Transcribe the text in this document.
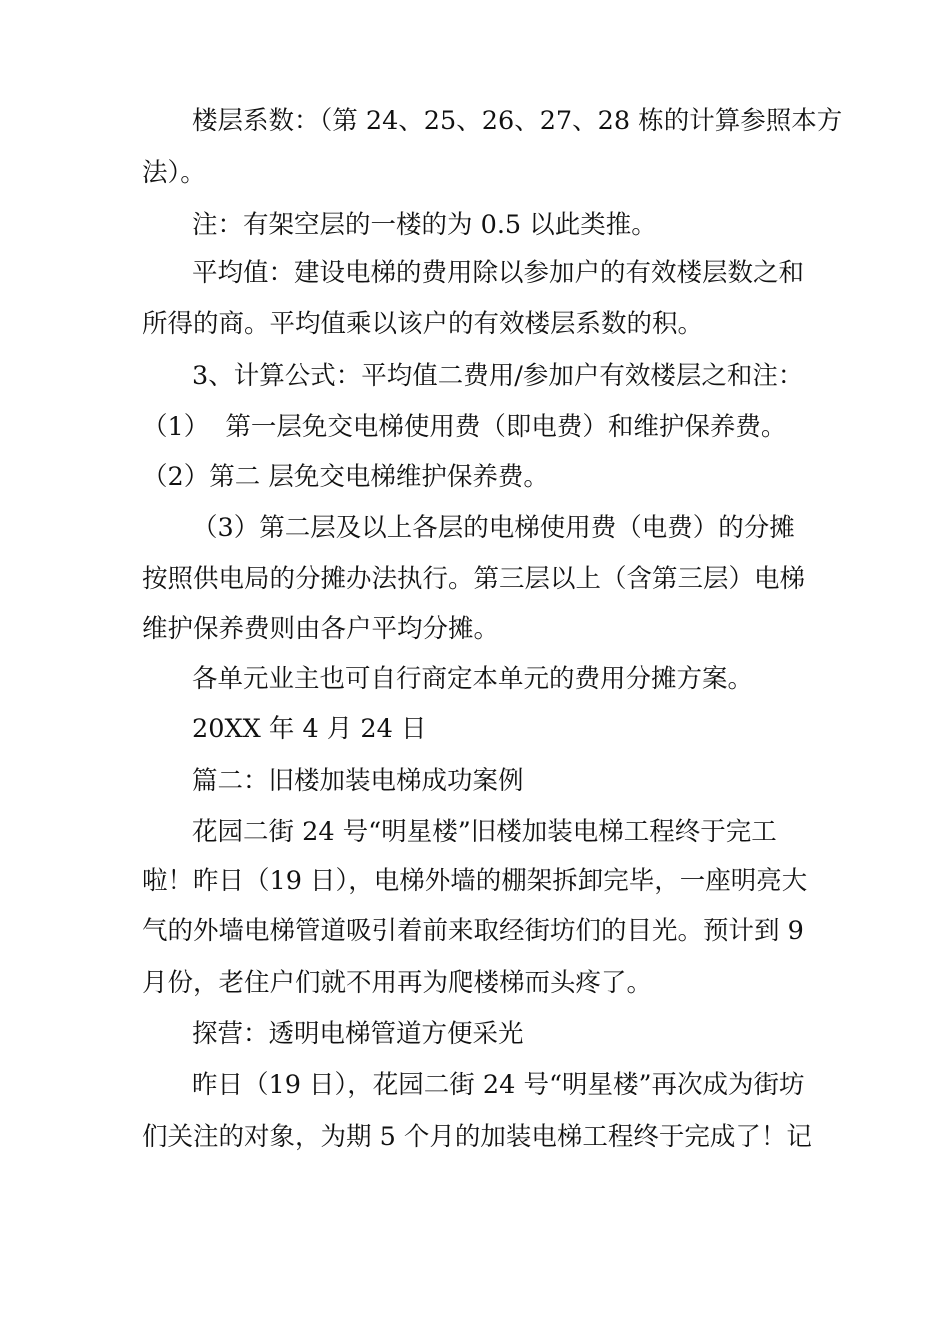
楼层系数：（第 24、25、26、27、28 栋的计算参照本方

法）。

注：有架空层的一楼的为 0.5 以此类推。

平均值：建设电梯的费用除以参加户的有效楼层数之和

所得的商。平均值乘以该户的有效楼层系数的积。

3、计算公式：平均值二费用/参加户有效楼层之和注：

（1）  第一层免交电梯使用费（即电费）和维护保养费。

（2）第二 层免交电梯维护保养费。

（3）第二层及以上各层的电梯使用费（电费）的分摊

按照供电局的分摊办法执行。第三层以上（含第三层）电梯

维护保养费则由各户平均分摊。

各单元业主也可自行商定本单元的费用分摊方案。

20XX 年 4 月 24 日

篇二：旧楼加装电梯成功案例

花园二街 24 号“明星楼”旧楼加装电梯工程终于完工

啦！昨日（19 日），电梯外墙的棚架拆卸完毕，一座明亮大

气的外墙电梯管道吸引着前来取经街坊们的目光。预计到 9

月份，老住户们就不用再为爬楼梯而头疼了。

探营：透明电梯管道方便采光

昨日（19 日），花园二街 24 号“明星楼”再次成为街坊

们关注的对象，为期 5 个月的加装电梯工程终于完成了！记
